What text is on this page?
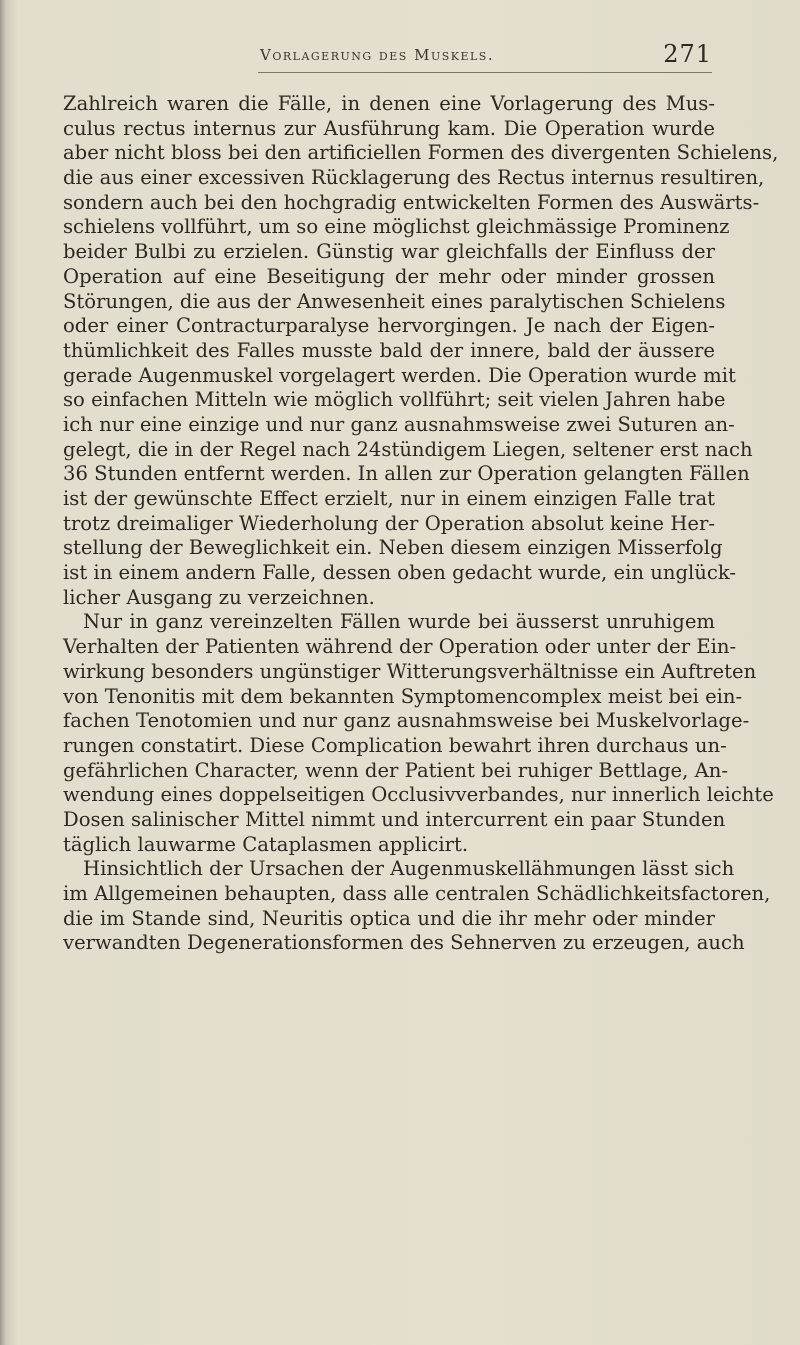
Vorlagerung des Muskels.	271
Zahlreich waren die Fälle, in denen eine Vorlagerung des Mus-
culus rectus internus zur Ausführung kam. Die Operation wurde
aber nicht bloss bei den artificiellen Formen des divergenten Schielens,
die aus einer excessiven Rücklagerung des Rectus internus resultiren,
sondern auch bei den hochgradig entwickelten Formen des Auswärts-
schielens vollführt, um so eine möglichst gleichmässige Prominenz
beider Bulbi zu erzielen. Günstig war gleichfalls der Einfluss der
Operation auf eine Beseitigung der mehr oder minder grossen
Störungen, die aus der Anwesenheit eines paralytischen Schielens
oder einer Contracturparalyse hervorgingen. Je nach der Eigen-
thümlichkeit des Falles musste bald der innere, bald der äussere
gerade Augenmuskel vorgelagert werden. Die Operation wurde mit
so einfachen Mitteln wie möglich vollführt; seit vielen Jahren habe
ich nur eine einzige und nur ganz ausnahmsweise zwei Suturen an-
gelegt, die in der Regel nach 24stündigem Liegen, seltener erst nach
36 Stunden entfernt werden. In allen zur Operation gelangten Fällen
ist der gewünschte Effect erzielt, nur in einem einzigen Falle trat
trotz dreimaliger Wiederholung der Operation absolut keine Her-
stellung der Beweglichkeit ein. Neben diesem einzigen Misserfolg
ist in einem andern Falle, dessen oben gedacht wurde, ein unglück-
licher Ausgang zu verzeichnen.
Nur in ganz vereinzelten Fällen wurde bei äusserst unruhigem
Verhalten der Patienten während der Operation oder unter der Ein-
wirkung besonders ungünstiger Witterungsverhältnisse ein Auftreten
von Tenonitis mit dem bekannten Symptomencomplex meist bei ein-
fachen Tenotomien und nur ganz ausnahmsweise bei Muskelvorlage-
rungen constatirt. Diese Complication bewahrt ihren durchaus un-
gefährlichen Character, wenn der Patient bei ruhiger Bettlage, An-
wendung eines doppelseitigen Occlusivverbandes, nur innerlich leichte
Dosen salinischer Mittel nimmt und intercurrent ein paar Stunden
täglich lauwarme Cataplasmen applicirt.
Hinsichtlich der Ursachen der Augenmuskellähmungen lässt sich
im Allgemeinen behaupten, dass alle centralen Schädlichkeitsfactoren,
die im Stande sind, Neuritis optica und die ihr mehr oder minder
verwandten Degenerationsformen des Sehnerven zu erzeugen, auch
